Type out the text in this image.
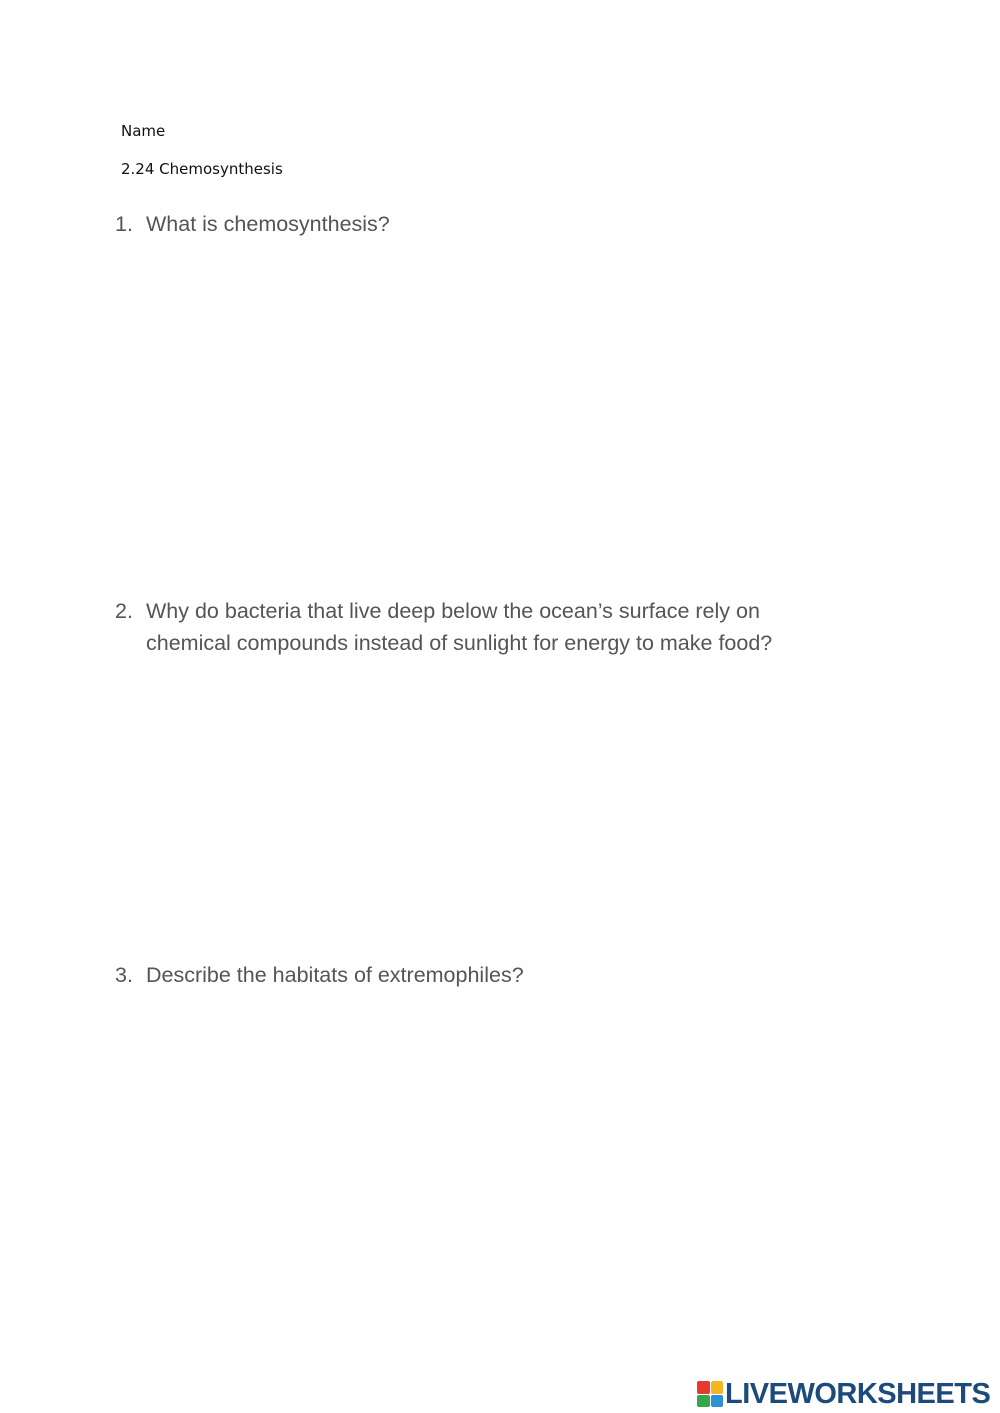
Name
2.24 Chemosynthesis
1. What is chemosynthesis?
2. Why do bacteria that live deep below the ocean’s surface rely on chemical compounds instead of sunlight for energy to make food?
3. Describe the habitats of extremophiles?
LIVEWORKSHEETS
